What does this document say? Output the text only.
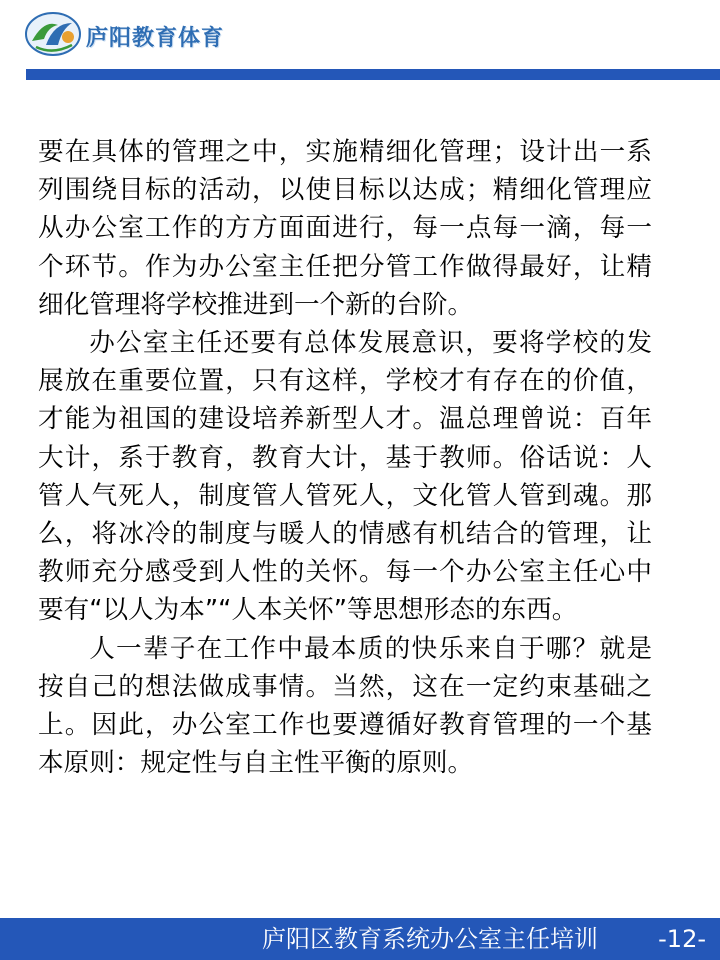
庐阳教育体育

要在具体的管理之中，实施精细化管理；设计出一系列围绕目标的活动，以使目标以达成；精细化管理应从办公室工作的方方面面进行，每一点每一滴，每一个环节。作为办公室主任把分管工作做得最好，让精细化管理将学校推进到一个新的台阶。

办公室主任还要有总体发展意识，要将学校的发展放在重要位置，只有这样，学校才有存在的价值，才能为祖国的建设培养新型人才。温总理曾说：百年大计，系于教育，教育大计，基于教师。俗话说：人管人气死人，制度管人管死人，文化管人管到魂。那么，将冰冷的制度与暖人的情感有机结合的管理，让教师充分感受到人性的关怀。每一个办公室主任心中要有“以人为本”“人本关怀”等思想形态的东西。

人一辈子在工作中最本质的快乐来自于哪？就是按自己的想法做成事情。当然，这在一定约束基础之上。因此，办公室工作也要遵循好教育管理的一个基本原则：规定性与自主性平衡的原则。

庐阳区教育系统办公室主任培训	-12-
